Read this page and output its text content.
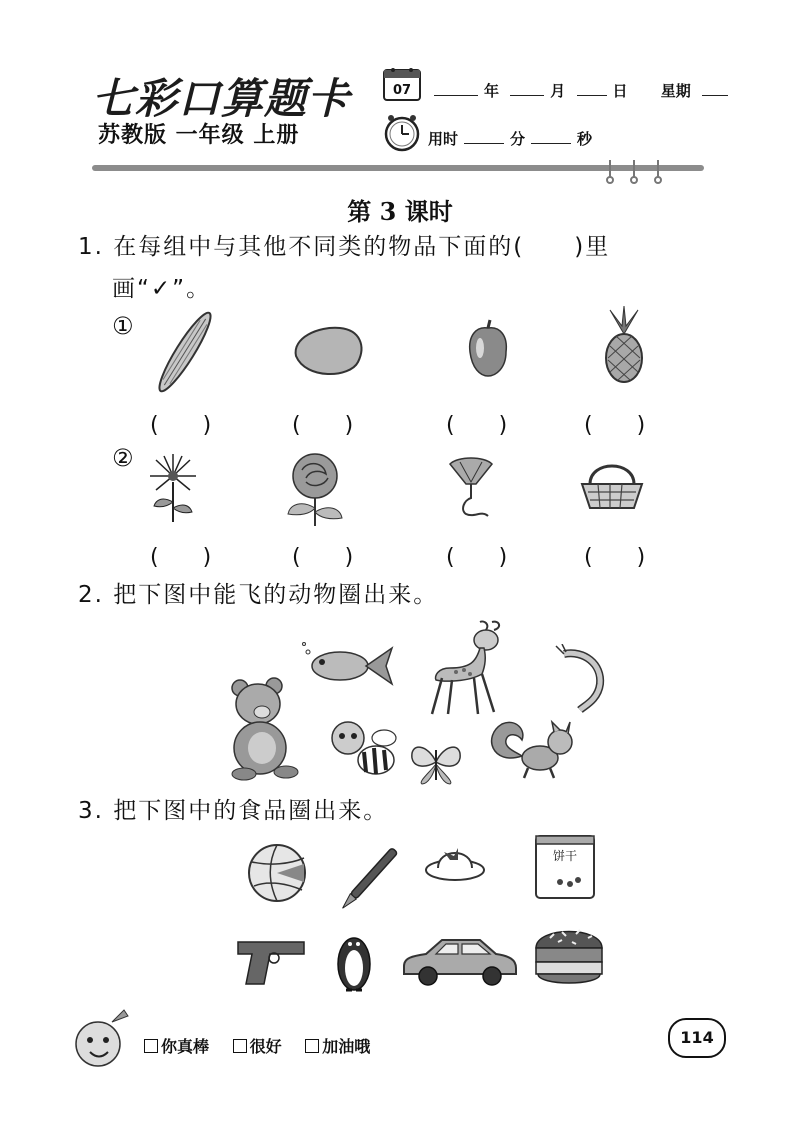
七彩口算题卡
苏教版 一年级 上册
07	年	月	日 星期
用时	分	秒
第 3 课时
1. 在每组中与其他不同类的物品下面的(　　)里
画“✓”。
①
(　　)	(　　)	(　　)	(　　)
②
(　　)	(　　)	(　　)	(　　)
2. 把下图中能飞的动物圈出来。
3. 把下图中的食品圈出来。
饼干
你真棒	很好	加油哦	114
